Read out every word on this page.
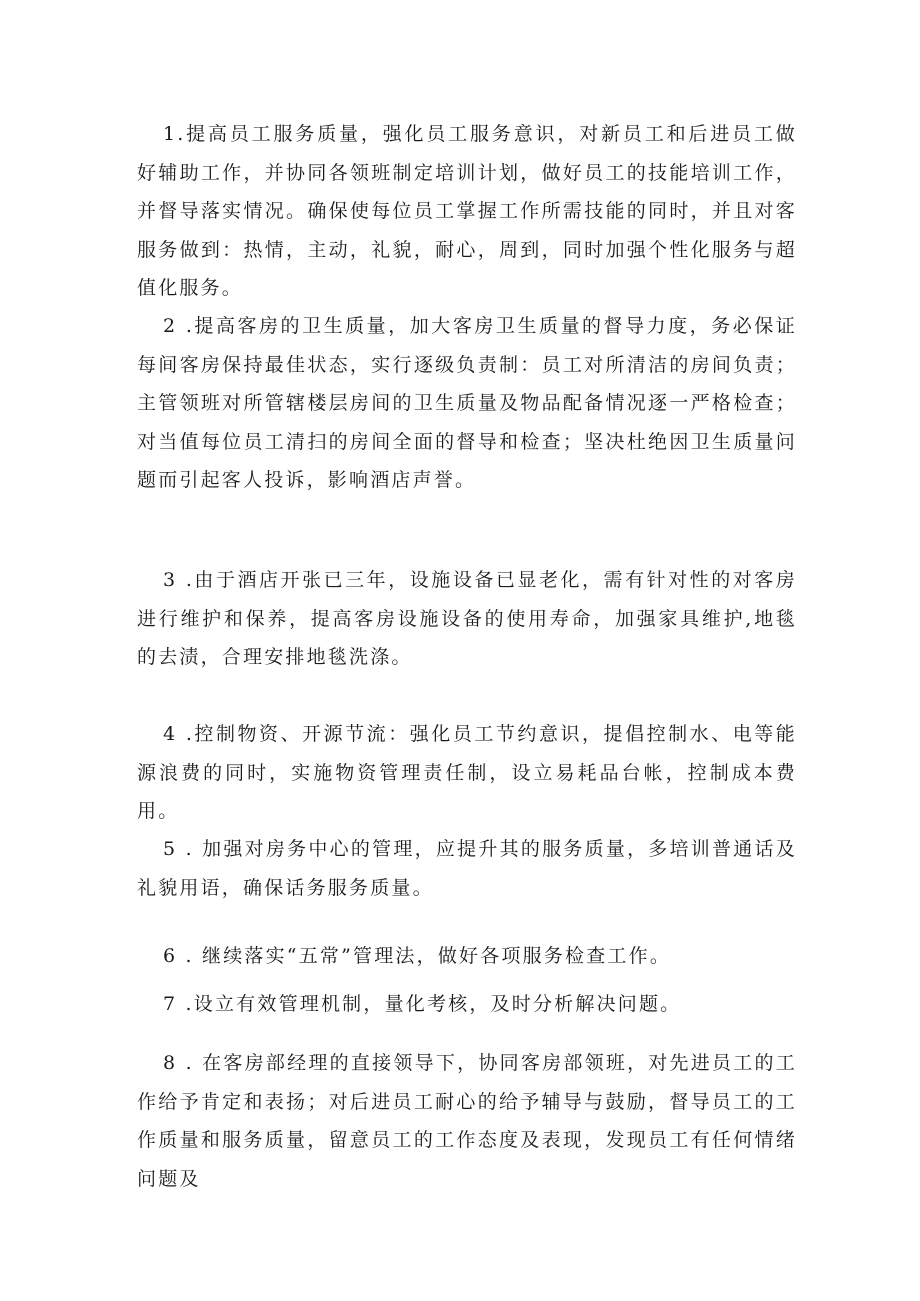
1.提高员工服务质量，强化员工服务意识，对新员工和后进员工做好辅助工作，并协同各领班制定培训计划，做好员工的技能培训工作，并督导落实情况。确保使每位员工掌握工作所需技能的同时，并且对客服务做到：热情，主动，礼貌，耐心，周到，同时加强个性化服务与超值化服务。

2 .提高客房的卫生质量，加大客房卫生质量的督导力度，务必保证每间客房保持最佳状态，实行逐级负责制：员工对所清洁的房间负责；主管领班对所管辖楼层房间的卫生质量及物品配备情况逐一严格检查；对当值每位员工清扫的房间全面的督导和检查；坚决杜绝因卫生质量问题而引起客人投诉，影响酒店声誉。

3 .由于酒店开张已三年，设施设备已显老化，需有针对性的对客房进行维护和保养，提高客房设施设备的使用寿命，加强家具维护,地毯的去渍，合理安排地毯洗涤。

4 .控制物资、开源节流：强化员工节约意识，提倡控制水、电等能源浪费的同时，实施物资管理责任制，设立易耗品台帐，控制成本费用。

5 . 加强对房务中心的管理，应提升其的服务质量，多培训普通话及礼貌用语，确保话务服务质量。

6 . 继续落实“五常”管理法，做好各项服务检查工作。

7 .设立有效管理机制，量化考核，及时分析解决问题。

8 . 在客房部经理的直接领导下，协同客房部领班，对先进员工的工作给予肯定和表扬；对后进员工耐心的给予辅导与鼓励，督导员工的工作质量和服务质量，留意员工的工作态度及表现，发现员工有任何情绪问题及
